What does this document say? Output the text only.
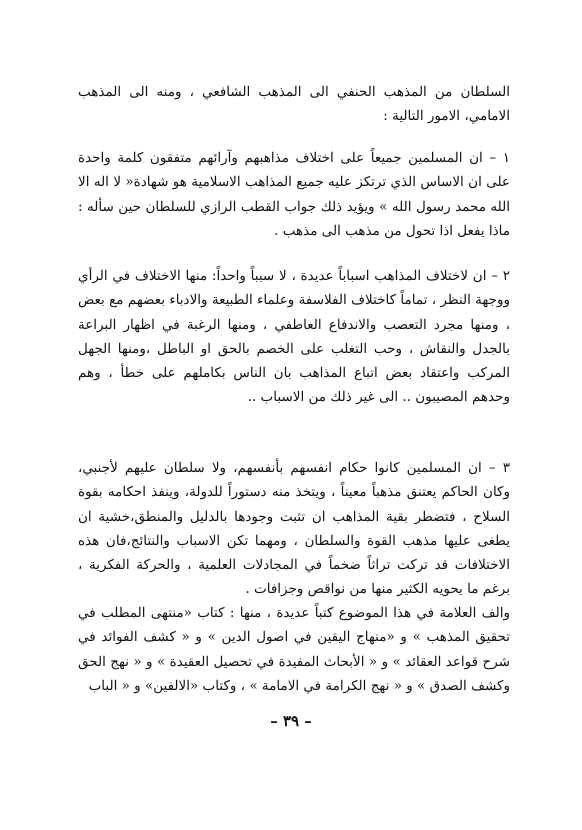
السلطان من المذهب الحنفي الى المذهب الشافعي ، ومنه الى المذهب الامامي، الامور التالية :

١ – ان المسلمين جميعاً على اختلاف مذاهبهم وآرائهم متفقون كلمة واحدة على ان الاساس الذي ترتكز عليه جميع المذاهب الاسلامية هو شهادة« لا اله الا الله محمد رسول الله » ويؤيد ذلك جواب القطب الرازي للسلطان حين سأله : ماذا يفعل اذا تحول من مذهب الى مذهب .

٢ – ان لاختلاف المذاهب اسباباً عديدة ، لا سبباً واحداً: منها الاختلاف في الرأي ووجهة النظر ، تماماً كاختلاف الفلاسفة وعلماء الطبيعة والادباء بعضهم مع بعض ، ومنها مجرد التعصب والاندفاع العاطفي ، ومنها الرغبة في اظهار البراعة بالجدل والنقاش ، وحب التغلب على الخصم بالحق او الباطل ،ومنها الجهل المركب واعتقاد بعض اتباع المذاهب بان الناس بكاملهم على خطأ ، وهم وحدهم المصيبون .. الى غير ذلك من الاسباب ..

٣ – ان المسلمين كانوا حكام انفسهم بأنفسهم، ولا سلطان عليهم لأجنبي، وكان الحاكم يعتنق مذهباً معيناً ، ويتخذ منه دستوراً للدولة، وينفذ احكامه بقوة السلاح ، فتضطر بقية المذاهب ان تثبت وجودها بالدليل والمنطق،خشية ان يطغى عليها مذهب القوة والسلطان ، ومهما تكن الاسباب والنتائج،فان هذه الاختلافات قد تركت تراثاً ضخماً في المجادلات العلمية ، والحركة الفكرية ، برغم ما يحويه الكثير منها من نواقص وجزافات .

والف العلامة في هذا الموضوع كتباً عديدة ، منها : كتاب «منتهى المطلب في تحقيق المذهب » و «منهاج اليقين في اصول الدين » و « كشف الفوائد في شرح قواعد العقائد » و « الأبحاث المفيدة في تحصيل العقيدة » و « نهج الحق وكشف الصدق » و « نهج الكرامة في الامامة » ، وكتاب «الالفين» و « الباب

– ٣٩ –
